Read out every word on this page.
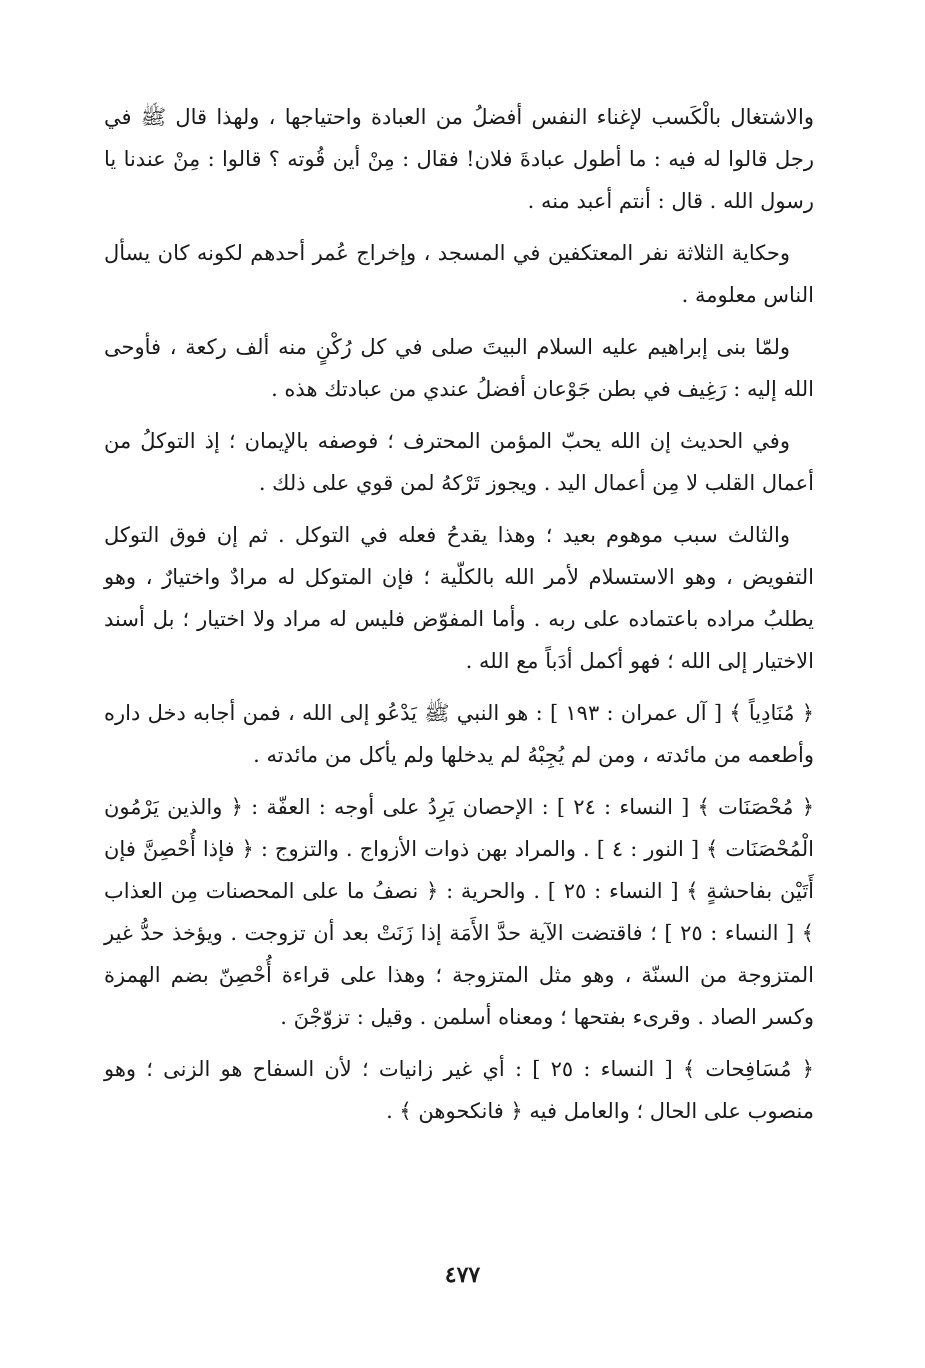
والاشتغال بالْكَسب لإغناء النفس أفضلُ من العبادة واحتياجها ، ولهذا قال ﷺ في رجل قالوا له فيه : ما أطول عبادةَ فلان! فقال : مِنْ أين قُوته ؟ قالوا : مِنْ عندنا يا رسول الله . قال : أنتم أعبد منه .

وحكاية الثلاثة نفر المعتكفين في المسجد ، وإخراج عُمر أحدهم لكونه كان يسأل الناس معلومة .

ولمّا بنى إبراهيم عليه السلام البيتَ صلى في كل رُكْنٍ منه ألف ركعة ، فأوحى الله إليه : رَغِيف في بطن جَوْعان أفضلُ عندي من عبادتك هذه .

وفي الحديث إن الله يحبّ المؤمن المحترف ؛ فوصفه بالإيمان ؛ إذ التوكلُ من أعمال القلب لا مِن أعمال اليد . ويجوز تَرْكهُ لمن قوي على ذلك .

والثالث سبب موهوم بعيد ؛ وهذا يقدحُ فعله في التوكل . ثم إن فوق التوكل التفويض ، وهو الاستسلام لأمر الله بالكلّية ؛ فإن المتوكل له مرادٌ واختيارٌ ، وهو يطلبُ مراده باعتماده على ربه . وأما المفوّض فليس له مراد ولا اختيار ؛ بل أسند الاختيار إلى الله ؛ فهو أكمل أدَباً مع الله .

﴿ مُنَادِياً ﴾ [ آل عمران : ١٩٣ ] : هو النبي ﷺ يَدْعُو إلى الله ، فمن أجابه دخل داره وأطعمه من مائدته ، ومن لم يُجِبْهُ لم يدخلها ولم يأكل من مائدته .

﴿ مُحْصَنَات ﴾ [ النساء : ٢٤ ] : الإحصان يَرِدُ على أوجه : العفّة : ﴿ والذين يَرْمُون الْمُحْصَنَات ﴾ [ النور : ٤ ] . والمراد بهن ذوات الأزواج . والتزوج : ﴿ فإذا أُحْصِنَّ فإن أَتَيْن بفاحشةٍ ﴾ [ النساء : ٢٥ ] . والحرية : ﴿ نصفُ ما على المحصنات مِن العذاب ﴾ [ النساء : ٢٥ ] ؛ فاقتضت الآية حدَّ الأَمَة إذا زَنَتْ بعد أن تزوجت . ويؤخذ حدُّ غير المتزوجة من السنّة ، وهو مثل المتزوجة ؛ وهذا على قراءة أُحْصِنّ بضم الهمزة وكسر الصاد . وقرىء بفتحها ؛ ومعناه أسلمن . وقيل : تزوّجْنَ .

﴿ مُسَافِحات ﴾ [ النساء : ٢٥ ] : أي غير زانيات ؛ لأن السفاح هو الزنى ؛ وهو منصوب على الحال ؛ والعامل فيه ﴿ فانكحوهن ﴾ .

٤٧٧
